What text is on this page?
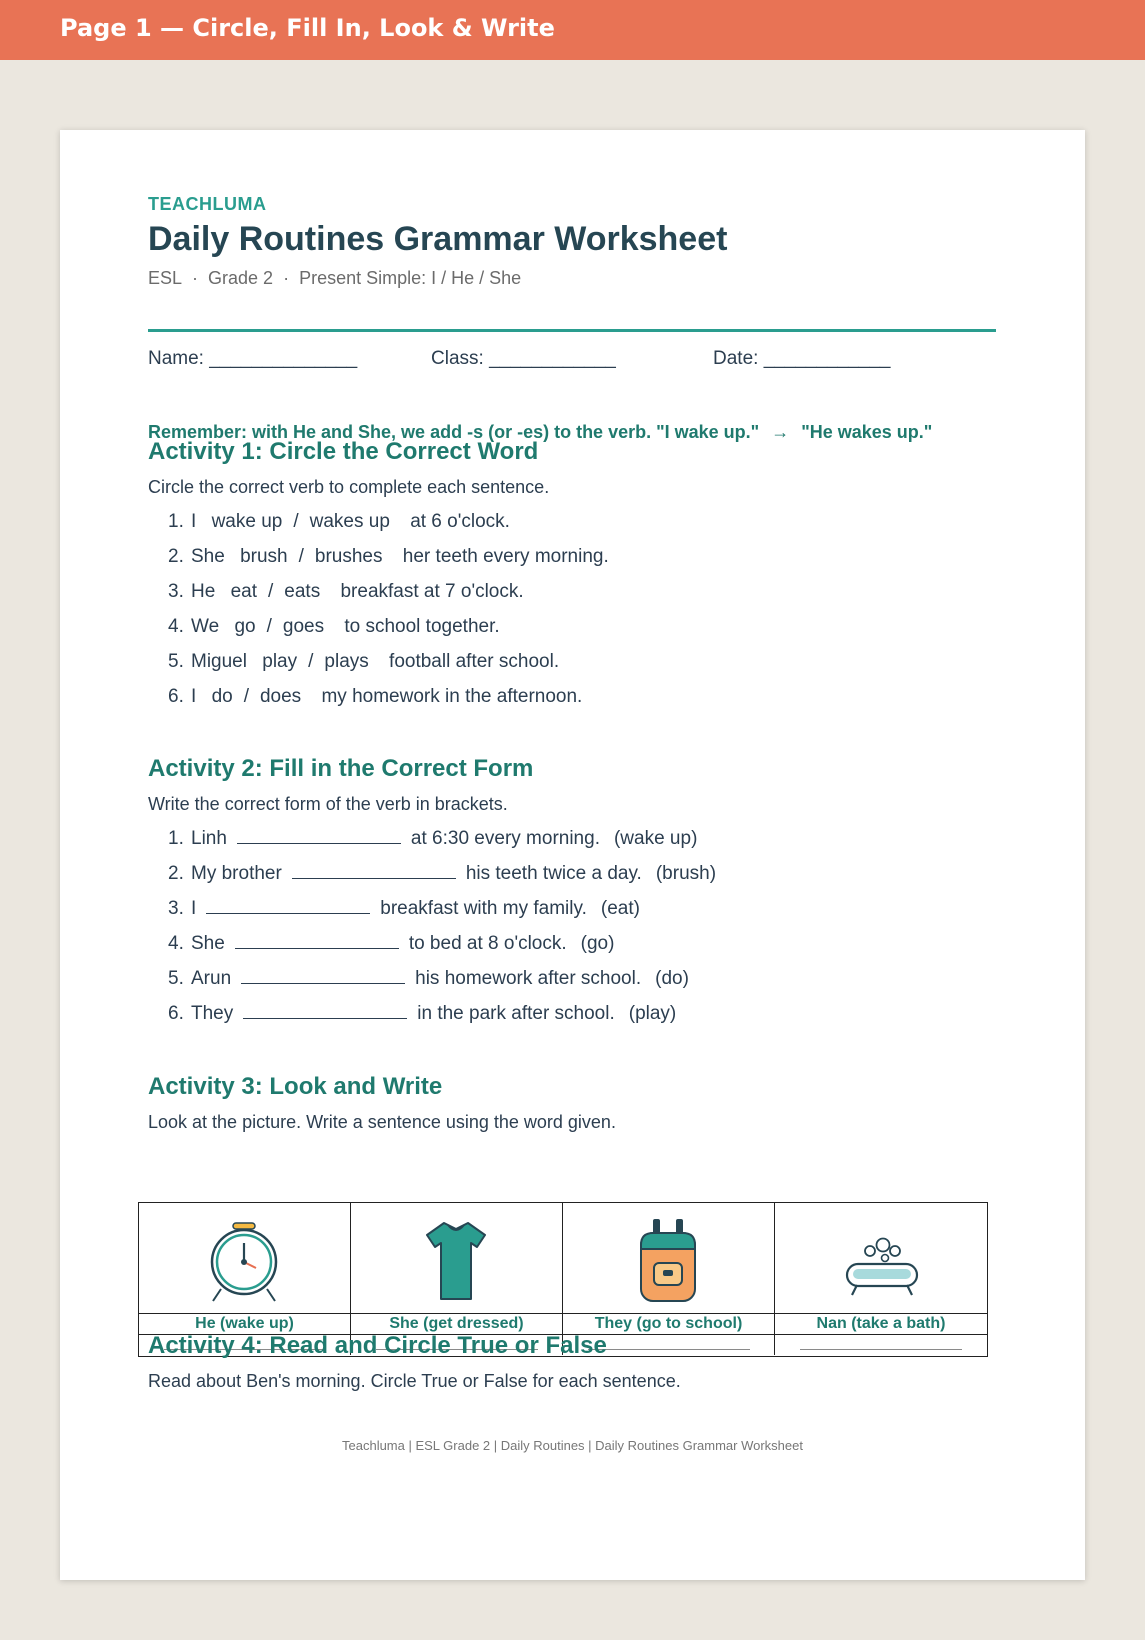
Page 1 — Circle, Fill In, Look & Write
TEACHLUMA
Daily Routines Grammar Worksheet
ESL · Grade 2 · Present Simple: I / He / She
Name: ______________	Class: ____________	Date: ____________
Remember: with He and She, we add -s (or -es) to the verb. "I wake up." → "He wakes up."
Activity 1: Circle the Correct Word
Circle the correct verb to complete each sentence.
1. I wake up / wakes up at 6 o'clock.
2. She brush / brushes her teeth every morning.
3. He eat / eats breakfast at 7 o'clock.
4. We go / goes to school together.
5. Miguel play / plays football after school.
6. I do / does my homework in the afternoon.
Activity 2: Fill in the Correct Form
Write the correct form of the verb in brackets.
1. Linh	at 6:30 every morning. (wake up)
2. My brother	his teeth twice a day. (brush)
3. I	breakfast with my family. (eat)
4. She	to bed at 8 o'clock. (go)
5. Arun	his homework after school. (do)
6. They	in the park after school. (play)
Activity 3: Look and Write
Look at the picture. Write a sentence using the word given.
He (wake up)	She (get dressed)	They (go to school)	Nan (take a bath)
Activity 4: Read and Circle True or False
Read about Ben's morning. Circle True or False for each sentence.
Teachluma | ESL Grade 2 | Daily Routines | Daily Routines Grammar Worksheet
